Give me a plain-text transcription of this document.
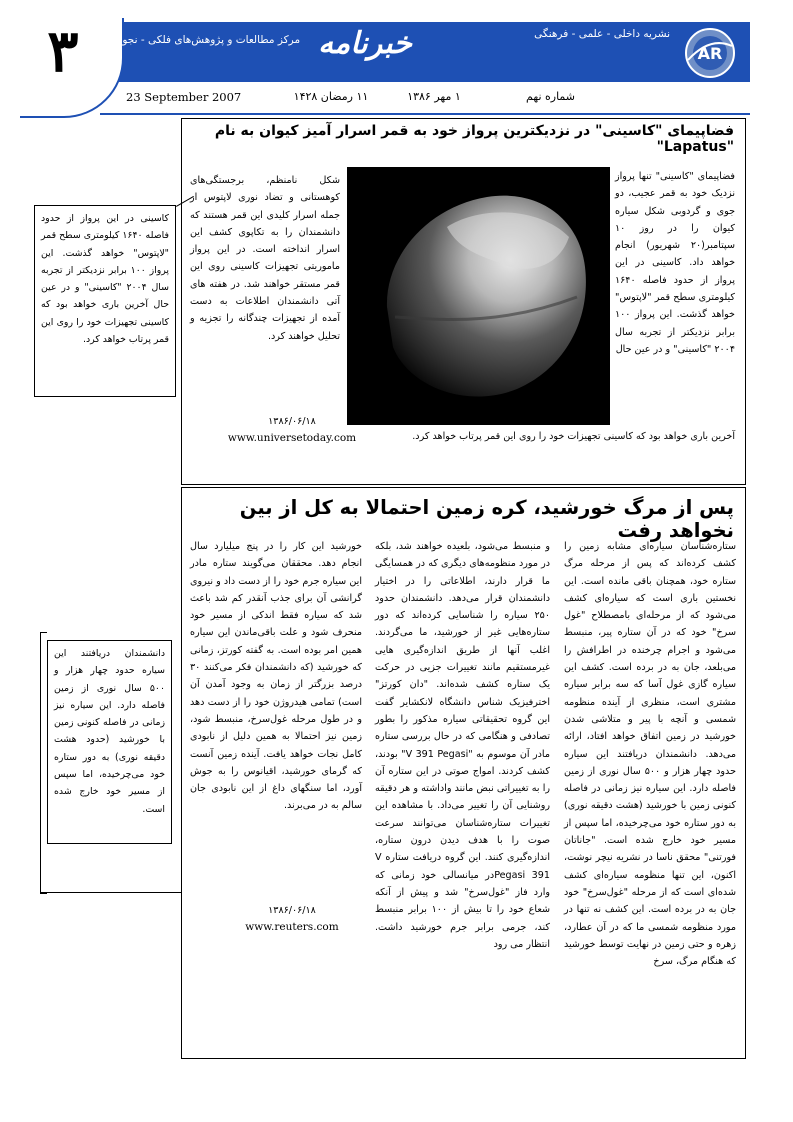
۳	AR
نشریه داخلی - علمی - فرهنگی
خبرنامه
مرکز مطالعات و پژوهش‌های فلکی - نجومی
شماره نهم
۱ مهر ۱۳۸۶
۱۱ رمضان ۱۴۲۸
23 September 2007
فضاپیمای "کاسینی" در نزدیکترین پرواز خود به قمر اسرار آمیز کیوان به نام "Lapatus"
فضاپیمای "کاسینی" تنها پرواز نزدیک خود به قمر عجیب، دو جوی و گردوبی شکل سیاره کیوان را در روز ۱۰ سپتامبر(۲۰ شهریور) انجام خواهد داد. کاسینی در این پرواز از حدود فاصله ۱۶۴۰ کیلومتری سطح قمر "لاپتوس" خواهد گذشت. این پرواز ۱۰۰ برابر نزدیکتر از تجربه سال ۲۰۰۴ "کاسینی" و در عین حال
شکل نامنظم، برجستگی‌های کوهستانی و تضاد نوری لاپتوس از جمله اسرار کلیدی این قمر هستند که دانشمندان را به تکاپوی کشف این اسرار انداخته است. در این پرواز ماموریتی تجهیزات کاسینی روی این قمر مستقر خواهند شد. در هفته های آتی دانشمندان اطلاعات به دست آمده از تجهیزات چندگانه را تجزیه و تحلیل خواهند کرد.
آخرین باری خواهد بود که کاسینی تجهیزات خود را روی این قمر پرتاب خواهد کرد.
۱۳۸۶/۰۶/۱۸
www.universetoday.com
پس از مرگ خورشید، کره زمین احتمالا به کل از بین نخواهد رفت
ستاره‌شناسان سیاره‌ای مشابه زمین را کشف کرده‌اند که پس از مرحله مرگ ستاره خود، همچنان باقی مانده است. این نخستین باری است که سیاره‌ای کشف می‌شود که از مرحله‌ای بامصطلاح "غول سرخ" خود که در آن ستاره پیر، منبسط می‌شود و اجرام چرخنده در اطرافش را می‌بلعد، جان به در برده است. کشف این سیاره گازی غول آسا که سه برابر سیاره مشتری است، منظری از آینده منظومه شمسی و آنچه با پیر و متلاشی شدن خورشید در زمین اتفاق خواهد افتاد، ارائه می‌دهد. دانشمندان دریافتند این سیاره حدود چهار هزار و ۵۰۰ سال نوری از زمین فاصله دارد. این سیاره نیز زمانی در فاصله کنونی زمین با خورشید (هشت دقیقه نوری) به دور ستاره خود می‌چرخیده، اما سپس از مسیر خود خارج شده است. "جاناتان فورتنی" محقق ناسا در نشریه نیچر نوشت، اکنون، این تنها منظومه سیاره‌ای کشف شده‌ای است که از مرحله "غول‌سرخ" خود جان به در برده است. این کشف نه تنها در مورد منظومه شمسی ما که در آن عطارد، زهره و حتی زمین در نهایت توسط خورشید که هنگام مرگ، سرخ
و منبسط می‌شود، بلعیده خواهند شد، بلکه در مورد منظومه‌های دیگری که در همسایگی ما قرار دارند، اطلاعاتی را در اختیار دانشمندان قرار می‌دهد. دانشمندان حدود ۲۵۰ سیاره را شناسایی کرده‌اند که دور ستاره‌هایی غیر از خورشید، ما می‌گردند. اغلب آنها از طریق اندازه‌گیری هایی غیرمستقیم مانند تغییرات جزیی در حرکت یک ستاره کشف شده‌اند. "دان کورتز" اخترفیزیک شناس دانشگاه لانکشایر گفت این گروه تحقیقاتی سیاره مذکور را بطور تصادفی و هنگامی که در حال بررسی ستاره مادر آن موسوم به "V 391 Pegasi" بودند، کشف کردند. امواج صوتی در این ستاره آن را به تغییراتی نبض مانند واداشته و هر دقیقه روشنایی آن را تغییر می‌داد. با مشاهده این تغییرات ستاره‌شناسان می‌توانند سرعت صوت را با هدف دیدن درون ستاره، اندازه‌گیری کنند. این گروه دریافت ستاره V Pegasi 391در میانسالی خود زمانی که وارد فاز "غول‌سرخ" شد و پیش از آنکه شعاع خود را تا بیش از ۱۰۰ برابر منبسط کند، جرمی برابر جرم خورشید داشت. انتظار می رود
خورشید این کار را در پنج میلیارد سال انجام دهد. محققان می‌گویند ستاره مادر این سیاره جرم خود را از دست داد و نیروی گرانشی آن برای جذب آنقدر کم شد باعث شد که سیاره فقط اندکی از مسیر خود منحرف شود و علت باقی‌ماندن این سیاره همین امر بوده است. به گفته کورتز، زمانی که خورشید (که دانشمندان فکر می‌کنند ۳۰ درصد بزرگتر از زمان به وجود آمدن آن است) تمامی هیدروژن خود را از دست دهد و در طول مرحله غول‌سرخ، منبسط شود، زمین نیز احتمالا به همین دلیل از نابودی کامل نجات خواهد یافت. آینده زمین آنست که گرمای خورشید، اقیانوس را به جوش آورد، اما سنگهای داغ از این نابودی جان سالم به در می‌برند.
۱۳۸۶/۰۶/۱۸
www.reuters.com
کاسینی در این پرواز از حدود فاصله ۱۶۴۰ کیلومتری سطح قمر "لاپتوس" خواهد گذشت. این پرواز ۱۰۰ برابر نزدیکتر از تجربه سال ۲۰۰۴ "کاسینی" و در عین حال آخرین باری خواهد بود که کاسینی تجهیزات خود را روی این قمر پرتاب خواهد کرد.
دانشمندان دریافتند این سیاره حدود چهار هزار و ۵۰۰ سال نوری از زمین فاصله دارد. این سیاره نیز زمانی در فاصله کنونی زمین با خورشید (حدود هشت دقیقه نوری) به دور ستاره خود می‌چرخیده، اما سپس از مسیر خود خارج شده است.
